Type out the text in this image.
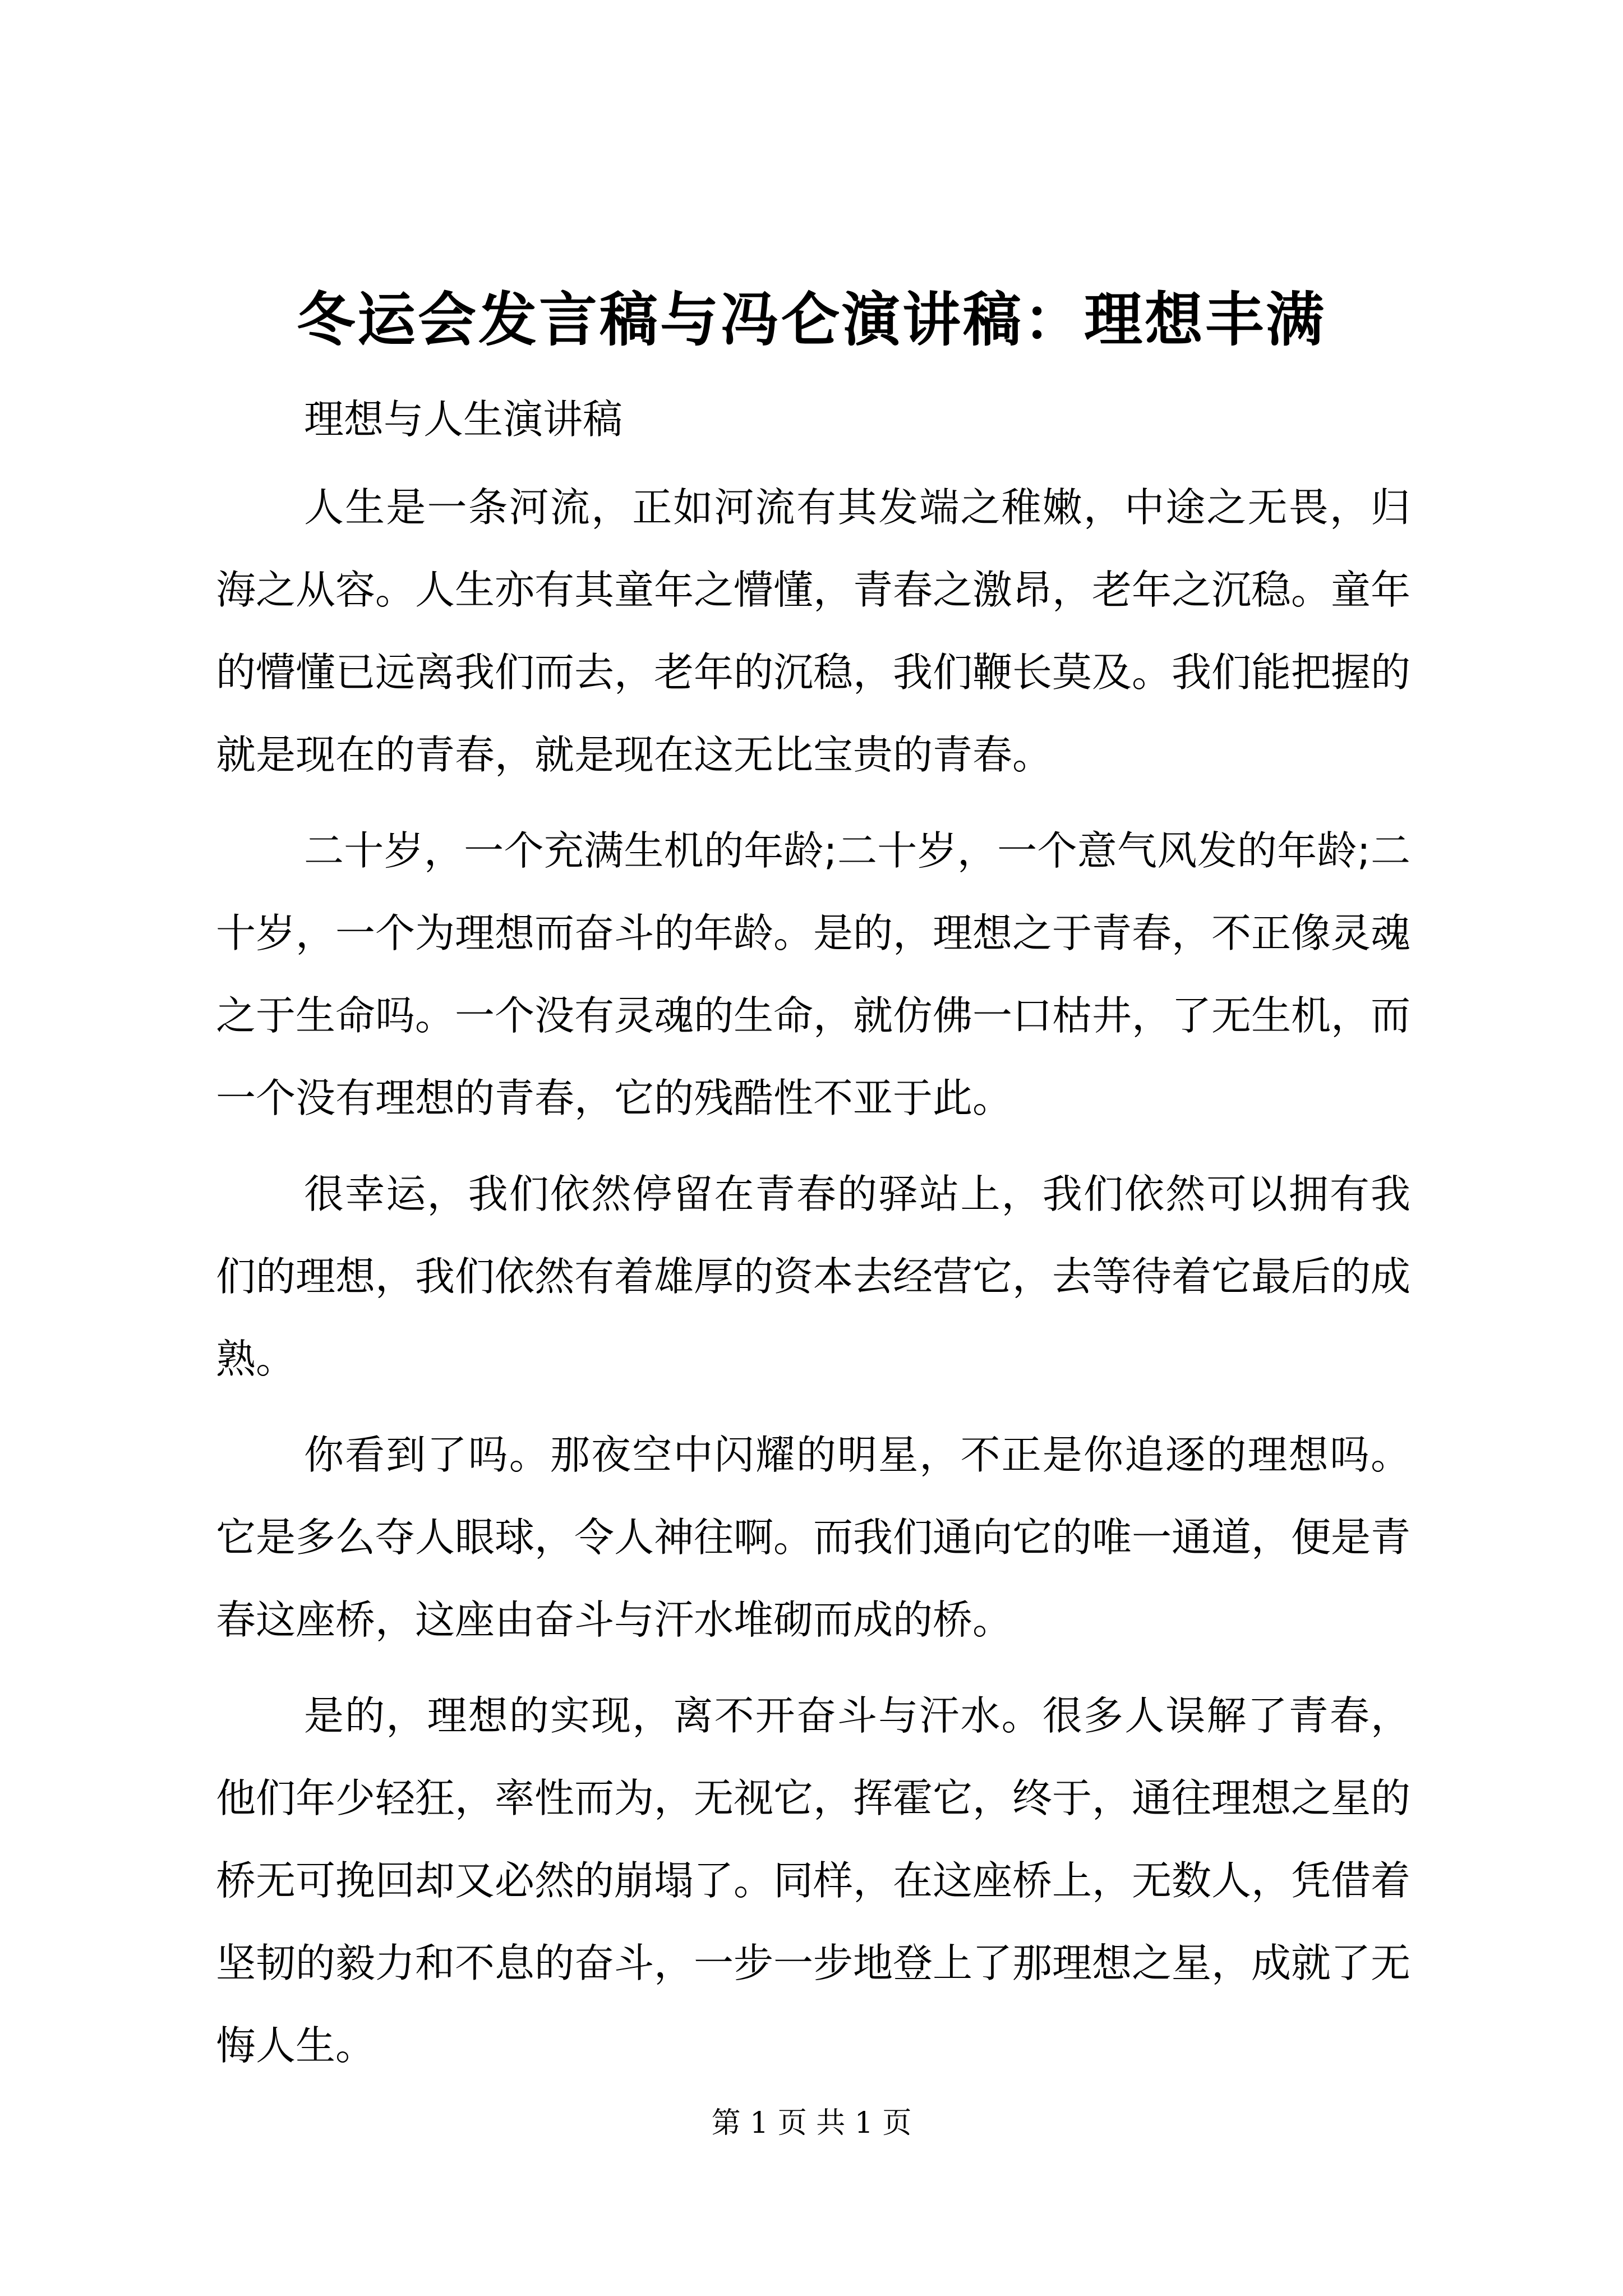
冬运会发言稿与冯仑演讲稿：理想丰满

理想与人生演讲稿

人生是一条河流，正如河流有其发端之稚嫩，中途之无畏，归海之从容。人生亦有其童年之懵懂，青春之激昂，老年之沉稳。童年的懵懂已远离我们而去，老年的沉稳，我们鞭长莫及。我们能把握的就是现在的青春，就是现在这无比宝贵的青春。

二十岁，一个充满生机的年龄;二十岁，一个意气风发的年龄;二十岁，一个为理想而奋斗的年龄。是的，理想之于青春，不正像灵魂之于生命吗。一个没有灵魂的生命，就仿佛一口枯井，了无生机，而一个没有理想的青春，它的残酷性不亚于此。

很幸运，我们依然停留在青春的驿站上，我们依然可以拥有我们的理想，我们依然有着雄厚的资本去经营它，去等待着它最后的成熟。

你看到了吗。那夜空中闪耀的明星，不正是你追逐的理想吗。它是多么夺人眼球，令人神往啊。而我们通向它的唯一通道，便是青春这座桥，这座由奋斗与汗水堆砌而成的桥。

是的，理想的实现，离不开奋斗与汗水。很多人误解了青春，他们年少轻狂，率性而为，无视它，挥霍它，终于，通往理想之星的桥无可挽回却又必然的崩塌了。同样，在这座桥上，无数人，凭借着坚韧的毅力和不息的奋斗，一步一步地登上了那理想之星，成就了无悔人生。

第 1 页 共 1 页
